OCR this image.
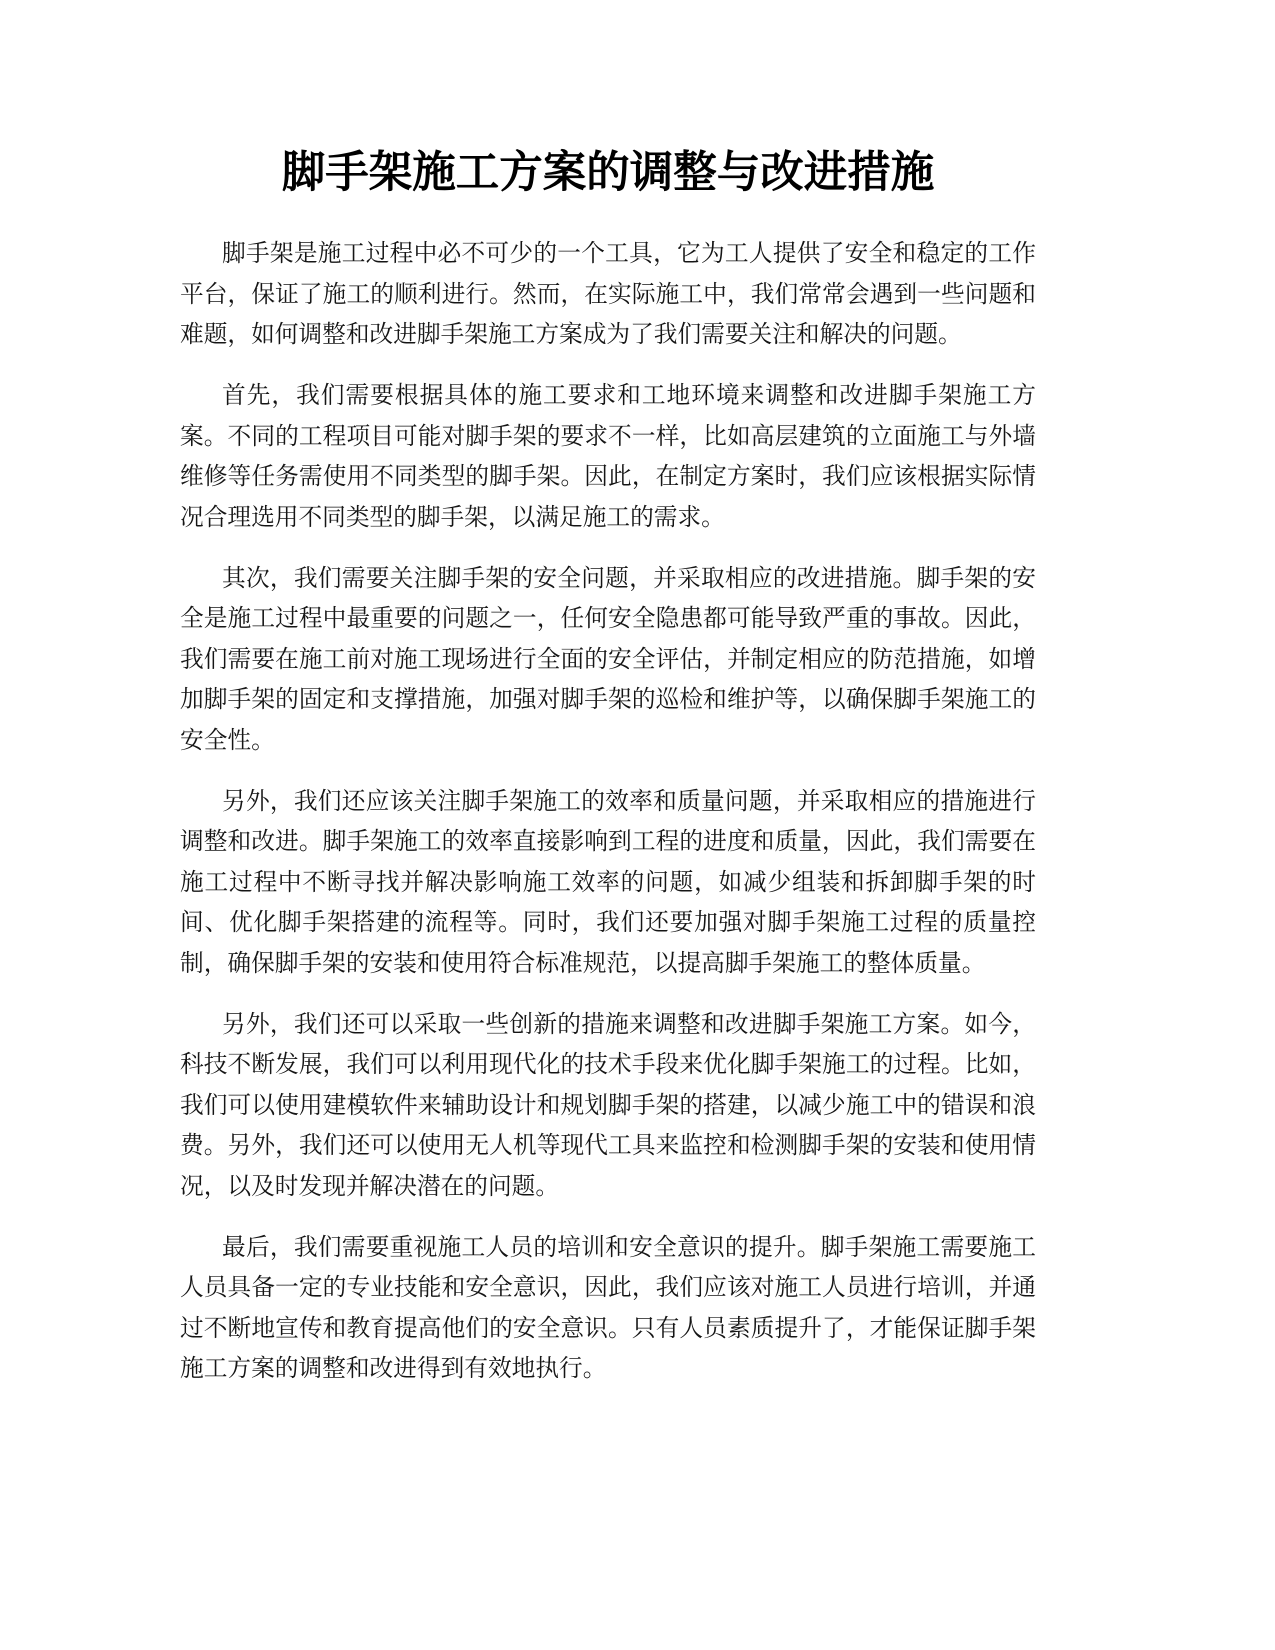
脚手架施工方案的调整与改进措施

脚手架是施工过程中必不可少的一个工具，它为工人提供了安全和稳定的工作平台，保证了施工的顺利进行。然而，在实际施工中，我们常常会遇到一些问题和难题，如何调整和改进脚手架施工方案成为了我们需要关注和解决的问题。

首先，我们需要根据具体的施工要求和工地环境来调整和改进脚手架施工方案。不同的工程项目可能对脚手架的要求不一样，比如高层建筑的立面施工与外墙维修等任务需使用不同类型的脚手架。因此，在制定方案时，我们应该根据实际情况合理选用不同类型的脚手架，以满足施工的需求。

其次，我们需要关注脚手架的安全问题，并采取相应的改进措施。脚手架的安全是施工过程中最重要的问题之一，任何安全隐患都可能导致严重的事故。因此，我们需要在施工前对施工现场进行全面的安全评估，并制定相应的防范措施，如增加脚手架的固定和支撑措施，加强对脚手架的巡检和维护等，以确保脚手架施工的安全性。

另外，我们还应该关注脚手架施工的效率和质量问题，并采取相应的措施进行调整和改进。脚手架施工的效率直接影响到工程的进度和质量，因此，我们需要在施工过程中不断寻找并解决影响施工效率的问题，如减少组装和拆卸脚手架的时间、优化脚手架搭建的流程等。同时，我们还要加强对脚手架施工过程的质量控制，确保脚手架的安装和使用符合标准规范，以提高脚手架施工的整体质量。

另外，我们还可以采取一些创新的措施来调整和改进脚手架施工方案。如今，科技不断发展，我们可以利用现代化的技术手段来优化脚手架施工的过程。比如，我们可以使用建模软件来辅助设计和规划脚手架的搭建，以减少施工中的错误和浪费。另外，我们还可以使用无人机等现代工具来监控和检测脚手架的安装和使用情况，以及时发现并解决潜在的问题。

最后，我们需要重视施工人员的培训和安全意识的提升。脚手架施工需要施工人员具备一定的专业技能和安全意识，因此，我们应该对施工人员进行培训，并通过不断地宣传和教育提高他们的安全意识。只有人员素质提升了，才能保证脚手架施工方案的调整和改进得到有效地执行。
